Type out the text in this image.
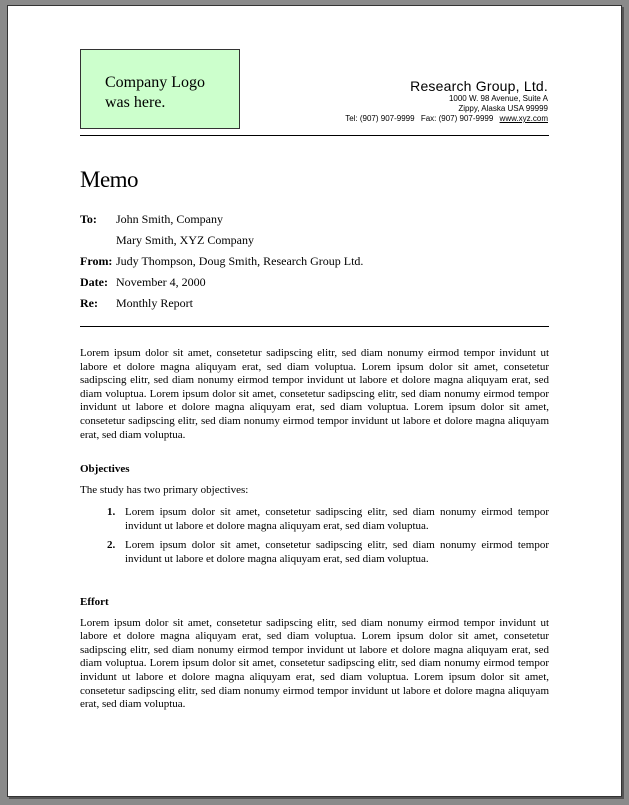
Company Logo
was here.
Research Group, Ltd.
1000 W. 98 Avenue, Suite A
Zippy, Alaska USA 99999
Tel: (907) 907-9999 Fax: (907) 907-9999 www.xyz.com
Memo
To: John Smith, Company
Mary Smith, XYZ Company
From: Judy Thompson, Doug Smith, Research Group Ltd.
Date: November 4, 2000
Re: Monthly Report

Lorem ipsum dolor sit amet, consetetur sadipscing elitr, sed diam nonumy eirmod tempor invidunt ut labore et dolore magna aliquyam erat, sed diam voluptua. Lorem ipsum dolor sit amet, consetetur sadipscing elitr, sed diam nonumy eirmod tempor invidunt ut labore et dolore magna aliquyam erat, sed diam voluptua. Lorem ipsum dolor sit amet, consetetur sadipscing elitr, sed diam nonumy eirmod tempor invidunt ut labore et dolore magna aliquyam erat, sed diam voluptua. Lorem ipsum dolor sit amet, consetetur sadipscing elitr, sed diam nonumy eirmod tempor invidunt ut labore et dolore magna aliquyam erat, sed diam voluptua.

Objectives
The study has two primary objectives:
1. Lorem ipsum dolor sit amet, consetetur sadipscing elitr, sed diam nonumy eirmod tempor invidunt ut labore et dolore magna aliquyam erat, sed diam voluptua.
2. Lorem ipsum dolor sit amet, consetetur sadipscing elitr, sed diam nonumy eirmod tempor invidunt ut labore et dolore magna aliquyam erat, sed diam voluptua.
Effort

Lorem ipsum dolor sit amet, consetetur sadipscing elitr, sed diam nonumy eirmod tempor invidunt ut labore et dolore magna aliquyam erat, sed diam voluptua. Lorem ipsum dolor sit amet, consetetur sadipscing elitr, sed diam nonumy eirmod tempor invidunt ut labore et dolore magna aliquyam erat, sed diam voluptua. Lorem ipsum dolor sit amet, consetetur sadipscing elitr, sed diam nonumy eirmod tempor invidunt ut labore et dolore magna aliquyam erat, sed diam voluptua. Lorem ipsum dolor sit amet, consetetur sadipscing elitr, sed diam nonumy eirmod tempor invidunt ut labore et dolore magna aliquyam erat, sed diam voluptua.
